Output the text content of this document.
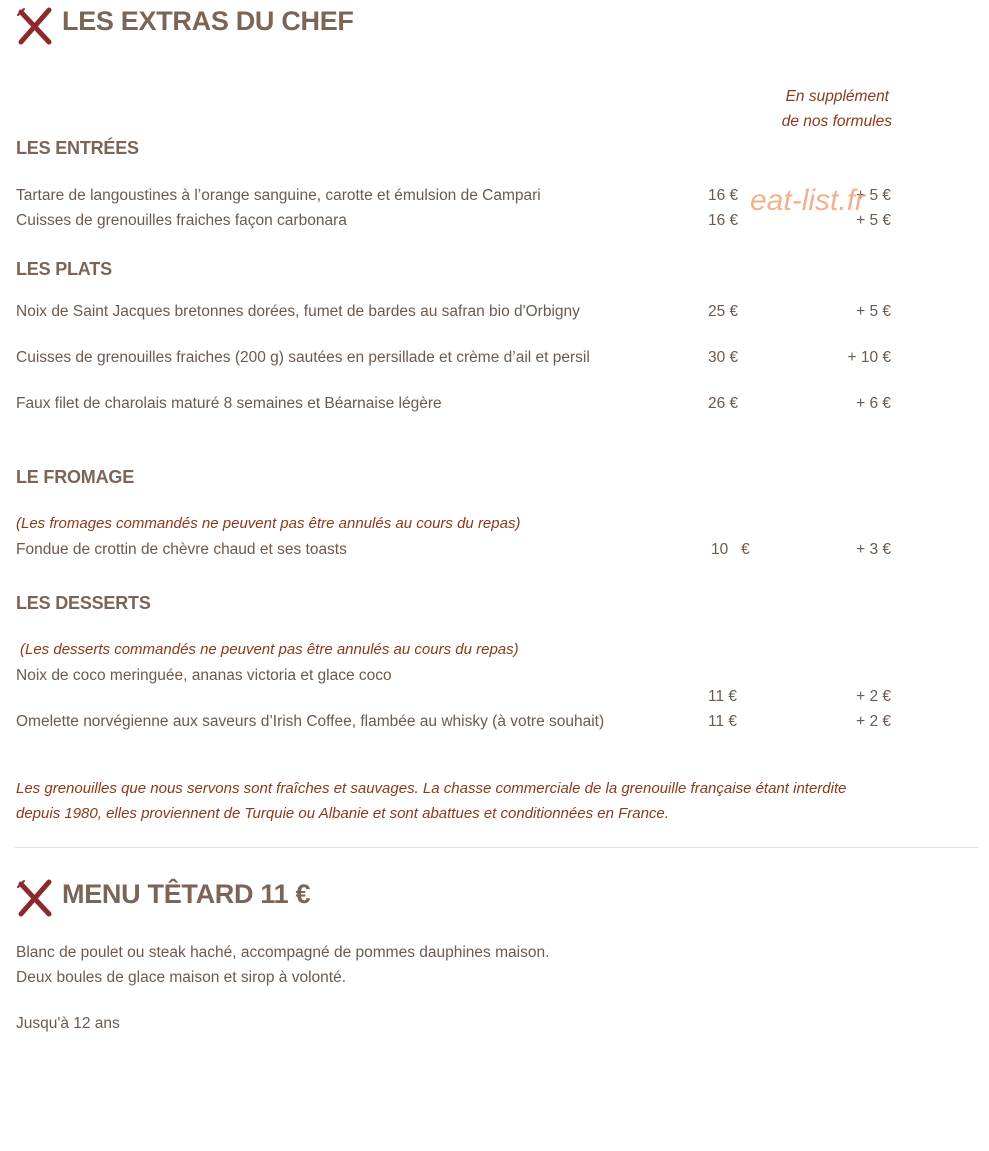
LES EXTRAS DU CHEF
En supplément
de nos formules
LES ENTRÉES
Tartare de langoustines à l’orange sanguine, carotte et émulsion de Campari	16 €	+ 5 €
Cuisses de grenouilles fraiches façon carbonara	16 €	+ 5 €
eat-list.fr
LES PLATS
Noix de Saint Jacques bretonnes dorées, fumet de bardes au safran bio d'Orbigny	25 €	+ 5 €
Cuisses de grenouilles fraiches (200 g) sautées en persillade et crème d’ail et persil	30 €	+ 10 €
Faux filet de charolais maturé 8 semaines et Béarnaise légère	26 €	+ 6 €
LE FROMAGE
(Les fromages commandés ne peuvent pas être annulés au cours du repas)
Fondue de crottin de chèvre chaud et ses toasts	10   €	+ 3 €
LES DESSERTS
(Les desserts commandés ne peuvent pas être annulés au cours du repas)
Noix de coco meringuée, ananas victoria et glace coco
11 €	+ 2 €
Omelette norvégienne aux saveurs d’Irish Coffee, flambée au whisky (à votre souhait)	11 €	+ 2 €
Les grenouilles que nous servons sont fraîches et sauvages. La chasse commerciale de la grenouille française étant interdite
depuis 1980, elles proviennent de Turquie ou Albanie et sont abattues et conditionnées en France.
MENU TÊTARD 11 €
Blanc de poulet ou steak haché, accompagné de pommes dauphines maison.
Deux boules de glace maison et sirop à volonté.
Jusqu'à 12 ans
